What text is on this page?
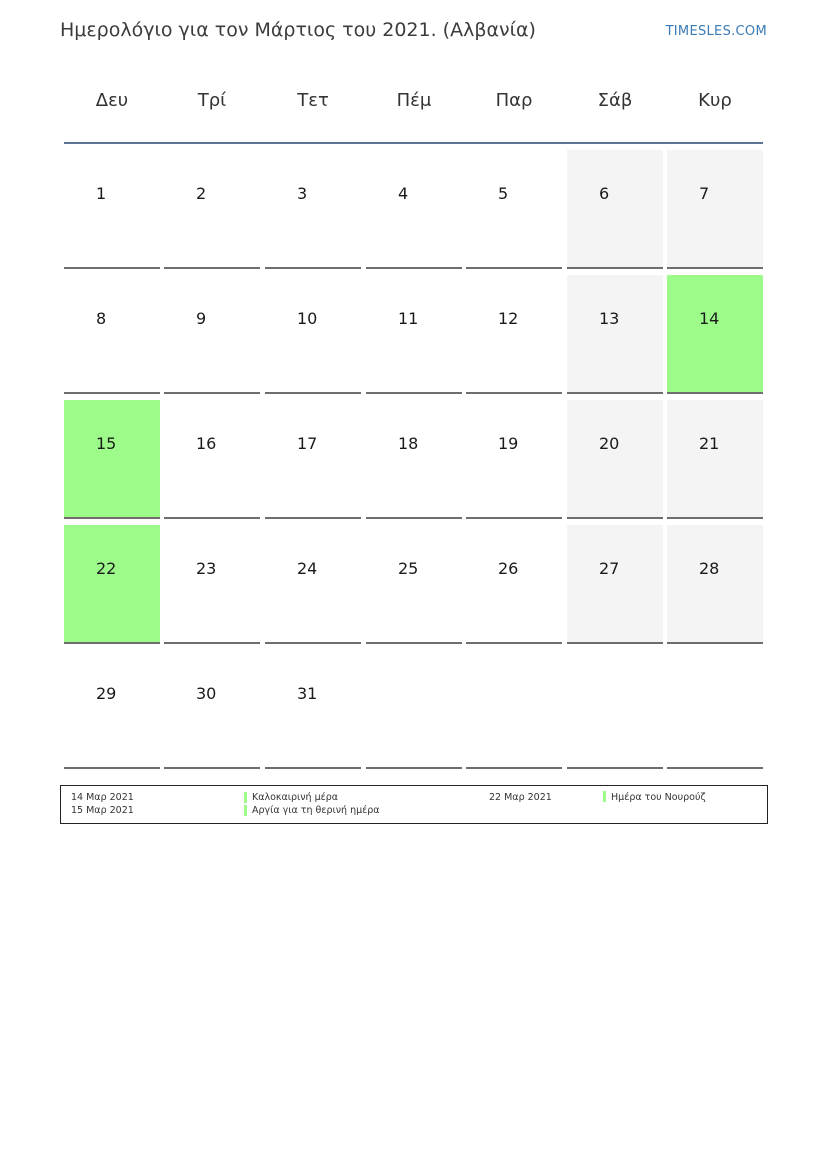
Ημερολόγιο για τον Μάρτιος του 2021. (Αλβανία)	TIMESLES.COM
Δευ	Τρί	Τετ	Πέμ	Παρ	Σάβ	Κυρ
1	2	3	4	5	6	7
8	9	10	11	12	13	14
15	16	17	18	19	20	21
22	23	24	25	26	27	28
29	30	31
14 Μαρ 2021	Καλοκαιρινή μέρα
15 Μαρ 2021	Αργία για τη θερινή ημέρα
22 Μαρ 2021	Ημέρα του Νουρούζ
